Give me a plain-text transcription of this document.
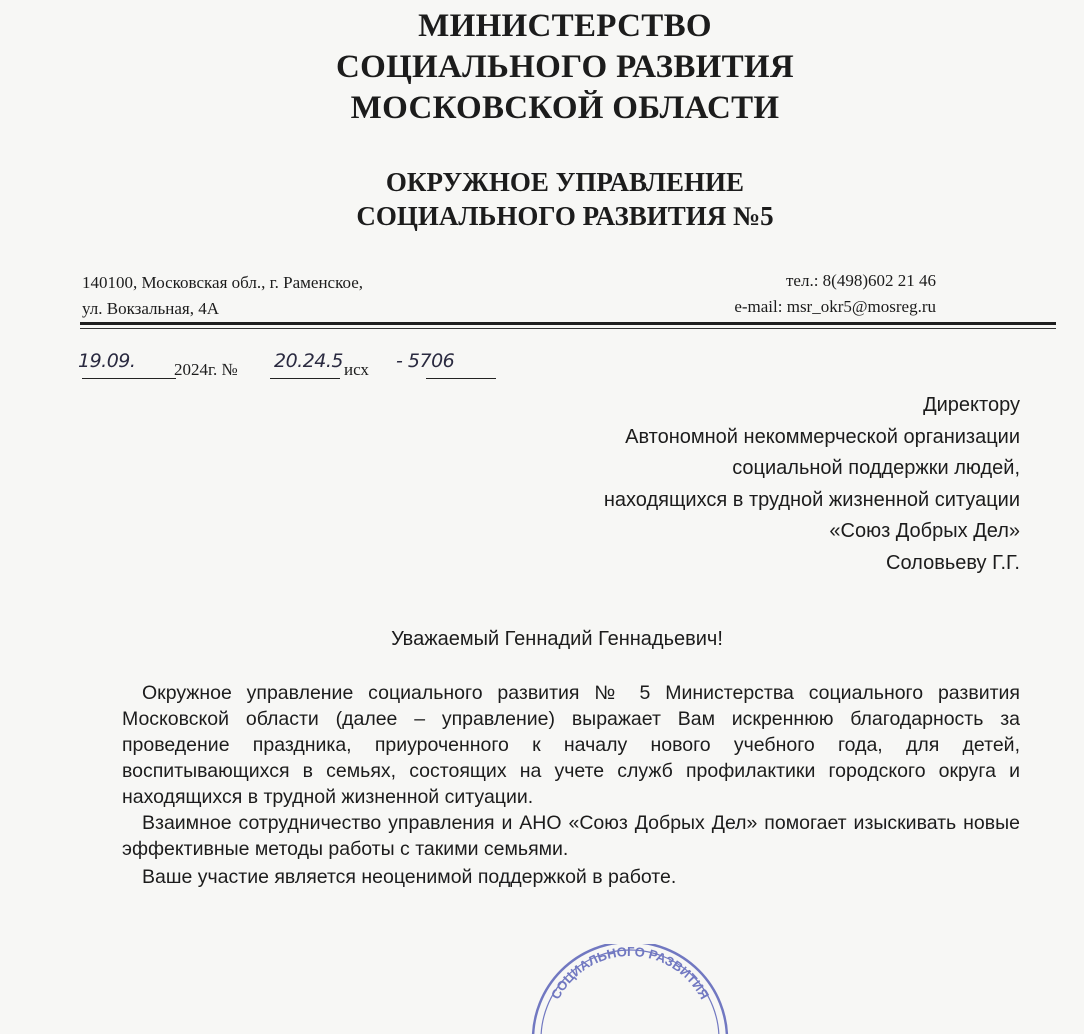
МИНИСТЕРСТВО
СОЦИАЛЬНОГО РАЗВИТИЯ
МОСКОВСКОЙ ОБЛАСТИ
ОКРУЖНОЕ УПРАВЛЕНИЕ
СОЦИАЛЬНОГО РАЗВИТИЯ №5
140100, Московская обл., г. Раменское,
ул. Вокзальная, 4А
тел.: 8(498)602 21 46
e-mail: msr_okr5@mosreg.ru
19.09. 2024г. № 20.24.5 исх - 5706
Директору
Автономной некоммерческой организации
социальной поддержки людей,
находящихся в трудной жизненной ситуации
«Союз Добрых Дел»
Соловьеву Г.Г.
Уважаемый Геннадий Геннадьевич!

Окружное управление социального развития № 5 Министерства социального развития Московской области (далее – управление) выражает Вам искреннюю благодарность за проведение праздника, приуроченного к началу нового учебного года, для детей, воспитывающихся в семьях, состоящих на учете служб профилактики городского округа и находящихся в трудной жизненной ситуации.

Взаимное сотрудничество управления и АНО «Союз Добрых Дел» помогает изыскивать новые эффективные методы работы с такими семьями.

Ваше участие является неоценимой поддержкой в работе.

СОЦИАЛЬНОГО РАЗВИТИЯ
